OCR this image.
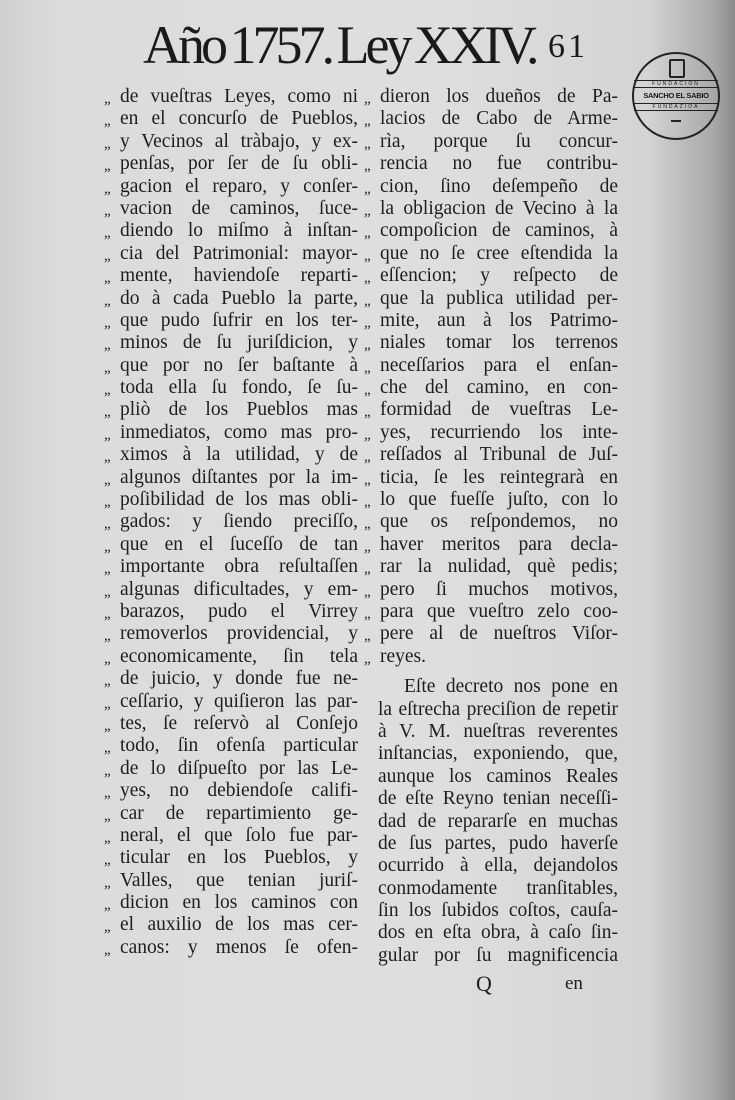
Año 1757. Ley XXIV. 61
FUNDACION
SANCHO EL SABIO
FUNDAZIOA
„ de vueſtras Leyes, como ni
„ en el concurſo de Pueblos,
„ y Vecinos al tràbajo, y ex-
„ penſas, por ſer de ſu obli-
„ gacion el reparo, y conſer-
„ vacion de caminos, ſuce-
„ diendo lo miſmo à inſtan-
„ cia del Patrimonial: mayor-
„ mente, haviendoſe reparti-
„ do à cada Pueblo la parte,
„ que pudo ſufrir en los ter-
„ minos de ſu juriſdicion, y
„ que por no ſer baſtante à
„ toda ella ſu fondo, ſe ſu-
„ pliò de los Pueblos mas
„ inmediatos, como mas pro-
„ ximos à la utilidad, y de
„ algunos diſtantes por la im-
„ poſibilidad de los mas obli-
„ gados: y ſiendo preciſſo,
„ que en el ſuceſſo de tan
„ importante obra reſultaſſen
„ algunas dificultades, y em-
„ barazos, pudo el Virrey
„ removerlos providencial, y
„ economicamente, ſin tela
„ de juicio, y donde fue ne-
„ ceſſario, y quiſieron las par-
„ tes, ſe reſervò al Conſejo
„ todo, ſin ofenſa particular
„ de lo diſpueſto por las Le-
„ yes, no debiendoſe califi-
„ car de repartimiento ge-
„ neral, el que ſolo fue par-
„ ticular en los Pueblos, y
„ Valles, que tenian juriſ-
„ dicion en los caminos con
„ el auxilio de los mas cer-
„ canos: y menos ſe ofen-
„ dieron los dueños de Pa-
„ lacios de Cabo de Arme-
„ rìa, porque ſu concur-
„ rencia no fue contribu-
„ cion, ſino deſempeño de
„ la obligacion de Vecino à la
„ compoſicion de caminos, à
„ que no ſe cree eſtendida la
„ eſſencion; y reſpecto de
„ que la publica utilidad per-
„ mite, aun à los Patrimo-
„ niales tomar los terrenos
„ neceſſarios para el enſan-
„ che del camino, en con-
„ formidad de vueſtras Le-
„ yes, recurriendo los inte-
„ reſſados al Tribunal de Juſ-
„ ticia, ſe les reintegrarà en
„ lo que fueſſe juſto, con lo
„ que os reſpondemos, no
„ haver meritos para decla-
„ rar la nulidad, què pedis;
„ pero ſi muchos motivos,
„ para que vueſtro zelo coo-
„ pere al de nueſtros Viſor-
„ reyes.
Eſte decreto nos pone en
la eſtrecha preciſion de repetir
à V. M. nueſtras reverentes
inſtancias, exponiendo, que,
aunque los caminos Reales
de eſte Reyno tenian neceſſi-
dad de repararſe en muchas
de ſus partes, pudo haverſe
ocurrido à ella, dejandolos
conmodamente tranſitables,
ſin los ſubidos coſtos, cauſa-
dos en eſta obra, à caſo ſin-
gular por ſu magnificencia
Q	en
